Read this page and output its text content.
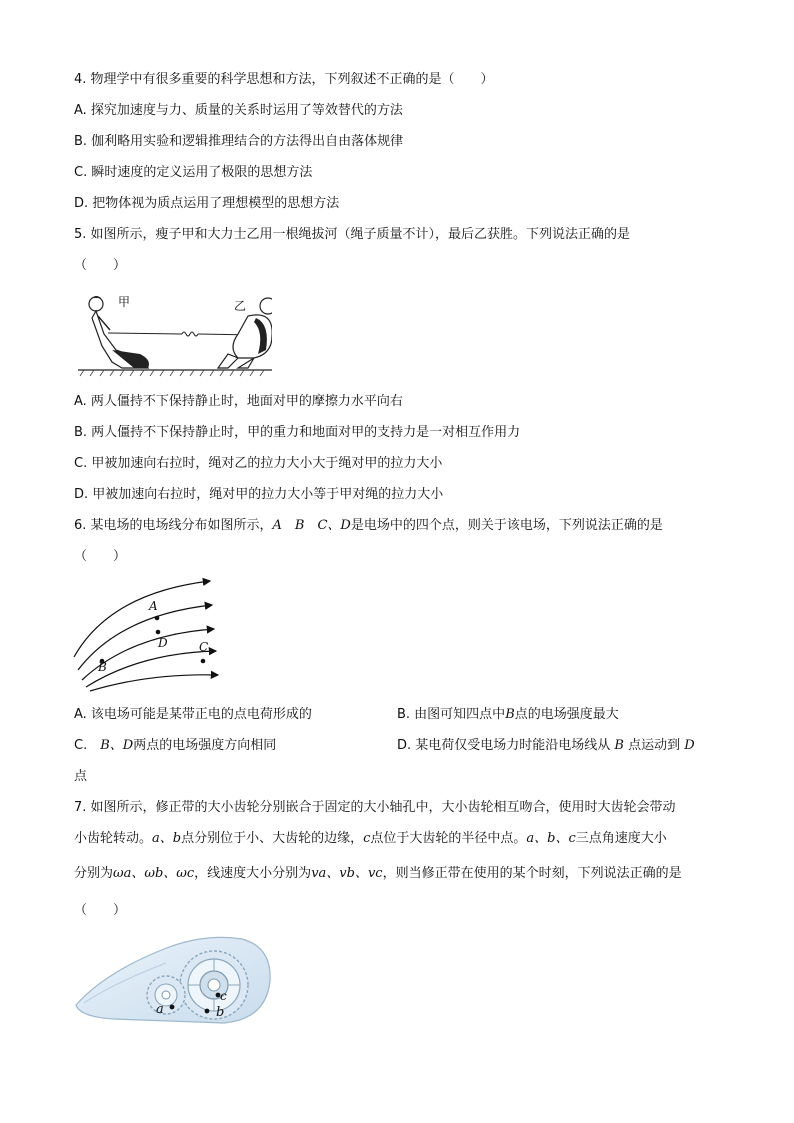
4. 物理学中有很多重要的科学思想和方法，下列叙述不正确的是（　　）
A. 探究加速度与力、质量的关系时运用了等效替代的方法
B. 伽利略用实验和逻辑推理结合的方法得出自由落体规律
C. 瞬时速度的定义运用了极限的思想方法
D. 把物体视为质点运用了理想模型的思想方法
5. 如图所示，瘦子甲和大力士乙用一根绳拔河（绳子质量不计），最后乙获胜。下列说法正确的是
（　　）
甲	乙
A. 两人僵持不下保持静止时，地面对甲的摩擦力水平向右
B. 两人僵持不下保持静止时，甲的重力和地面对甲的支持力是一对相互作用力
C. 甲被加速向右拉时，绳对乙的拉力大小大于绳对甲的拉力大小
D. 甲被加速向右拉时，绳对甲的拉力大小等于甲对绳的拉力大小
6. 某电场的电场线分布如图所示，A　B　C、D是电场中的四个点，则关于该电场，下列说法正确的是
（　　）
A
D	C
B
A. 该电场可能是某带正电的点电荷形成的	B. 由图可知四点中B点的电场强度最大
C.　 B、D两点的电场强度方向相同	D. 某电荷仅受电场力时能沿电场线从 B 点运动到 D
点
7. 如图所示，修正带的大小齿轮分别嵌合于固定的大小轴孔中，大小齿轮相互吻合，使用时大齿轮会带动
小齿轮转动。a、b点分别位于小、大齿轮的边缘，c点位于大齿轮的半径中点。a、b、c三点角速度大小
分别为ωa、ωb、ωc，线速度大小分别为va、vb、vc，则当修正带在使用的某个时刻，下列说法正确的是
（　　）
a	b
c
